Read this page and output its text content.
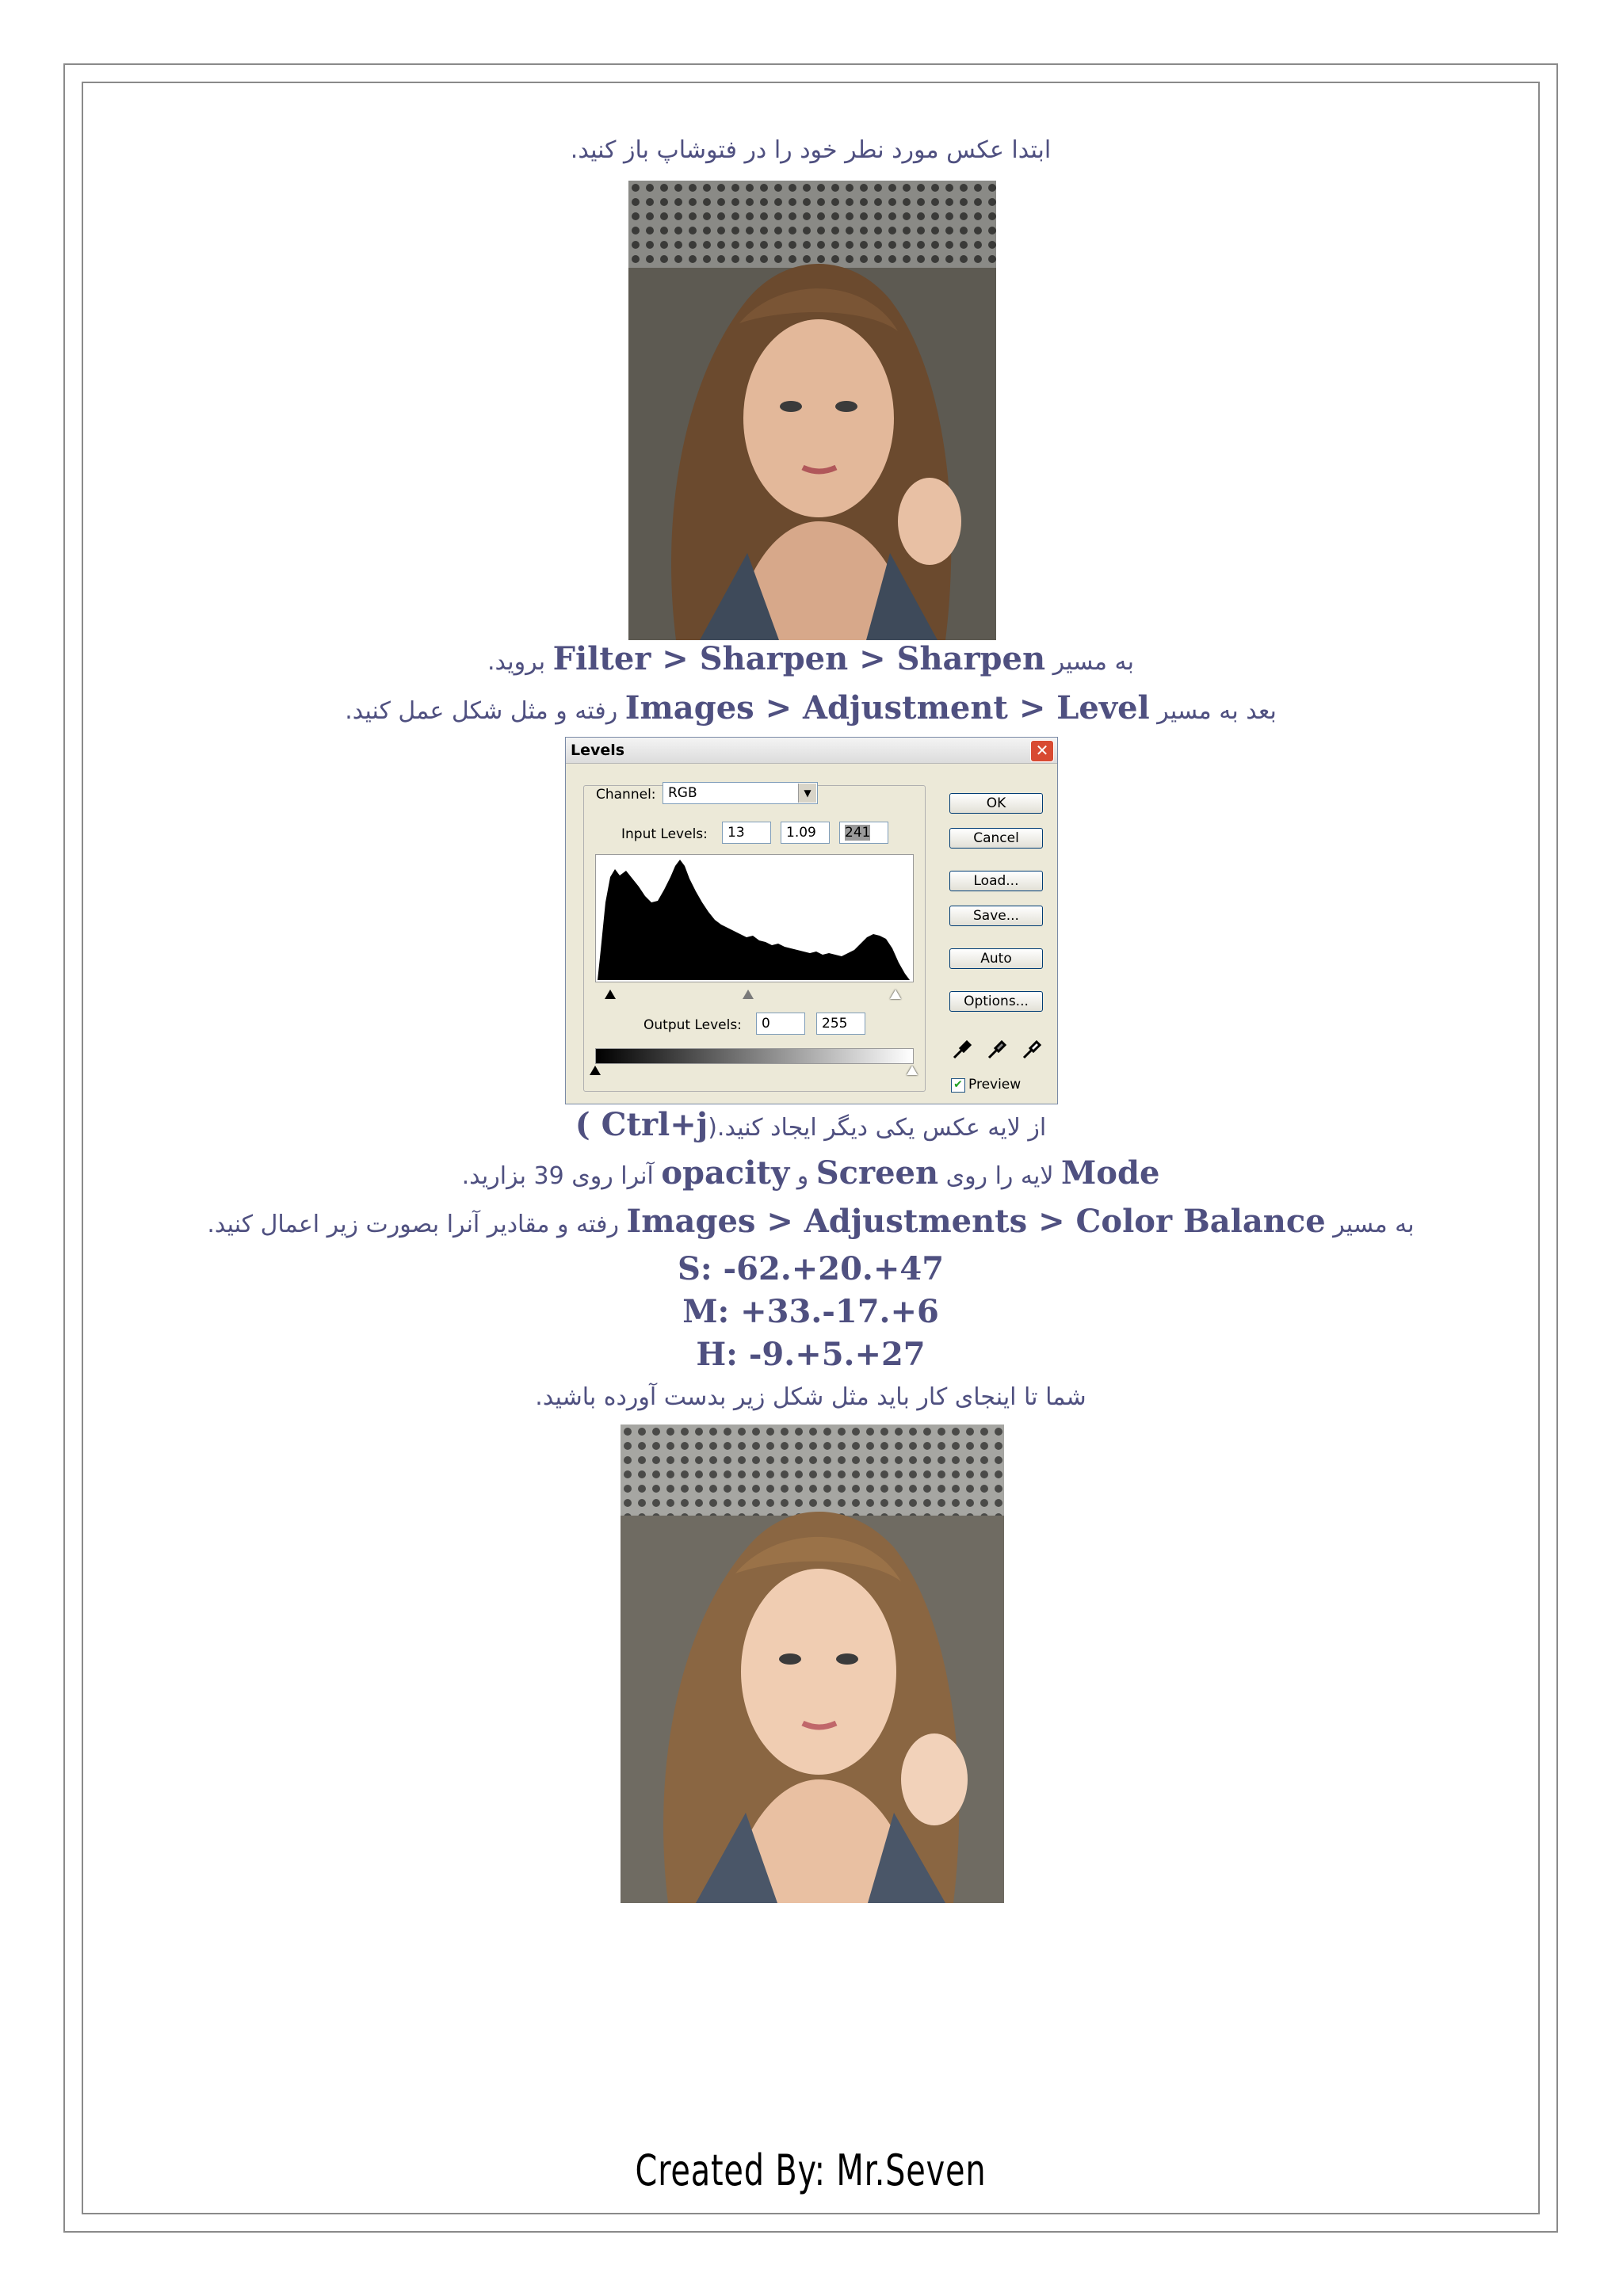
ابتدا عکس مورد نطر خود را در فتوشاپ باز کنید.
به مسیر Filter > Sharpen > Sharpen بروید.
بعد به مسیر Images > Adjustment > Level رفته و مثل شکل عمل کنید.
Levels	✕
Channel: RGB	▼
Input Levels:	13	1.09	241
Output Levels:	0	255
OK
Cancel
Load...
Save...
Auto
Options...
✔ Preview
از لایه عکس یکی دیگر ایجاد کنید.(Ctrl+j )
Mode لایه را روی Screen و opacity آنرا روی 39 بزارید.
به مسیر Images > Adjustments > Color Balance رفته و مقادیر آنرا بصورت زیر اعمال کنید.
S: -62.+20.+47
M: +33.-17.+6
H: -9.+5.+27
شما تا اینجای کار باید مثل شکل زیر بدست آورده باشید.
Created By: Mr.Seven
